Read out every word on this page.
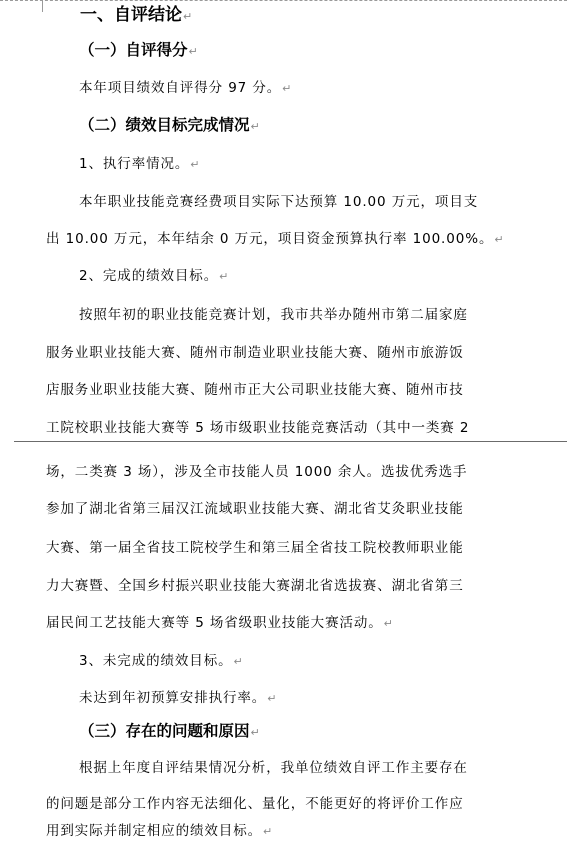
一、自评结论↵
（一）自评得分↵
本年项目绩效自评得分 97 分。↵
（二）绩效目标完成情况↵
1、执行率情况。↵
本年职业技能竞赛经费项目实际下达预算 10.00 万元，项目支
出 10.00 万元，本年结余 0 万元，项目资金预算执行率 100.00%。↵
2、完成的绩效目标。↵
按照年初的职业技能竞赛计划，我市共举办随州市第二届家庭
服务业职业技能大赛、随州市制造业职业技能大赛、随州市旅游饭
店服务业职业技能大赛、随州市正大公司职业技能大赛、随州市技
工院校职业技能大赛等 5 场市级职业技能竞赛活动（其中一类赛 2
场，二类赛 3 场），涉及全市技能人员 1000 余人。选拔优秀选手
参加了湖北省第三届汉江流域职业技能大赛、湖北省艾灸职业技能
大赛、第一届全省技工院校学生和第三届全省技工院校教师职业能
力大赛暨、全国乡村振兴职业技能大赛湖北省选拔赛、湖北省第三
届民间工艺技能大赛等 5 场省级职业技能大赛活动。↵
3、未完成的绩效目标。↵
未达到年初预算安排执行率。↵
（三）存在的问题和原因↵
根据上年度自评结果情况分析，我单位绩效自评工作主要存在
的问题是部分工作内容无法细化、量化，不能更好的将评价工作应
用到实际并制定相应的绩效目标。↵
